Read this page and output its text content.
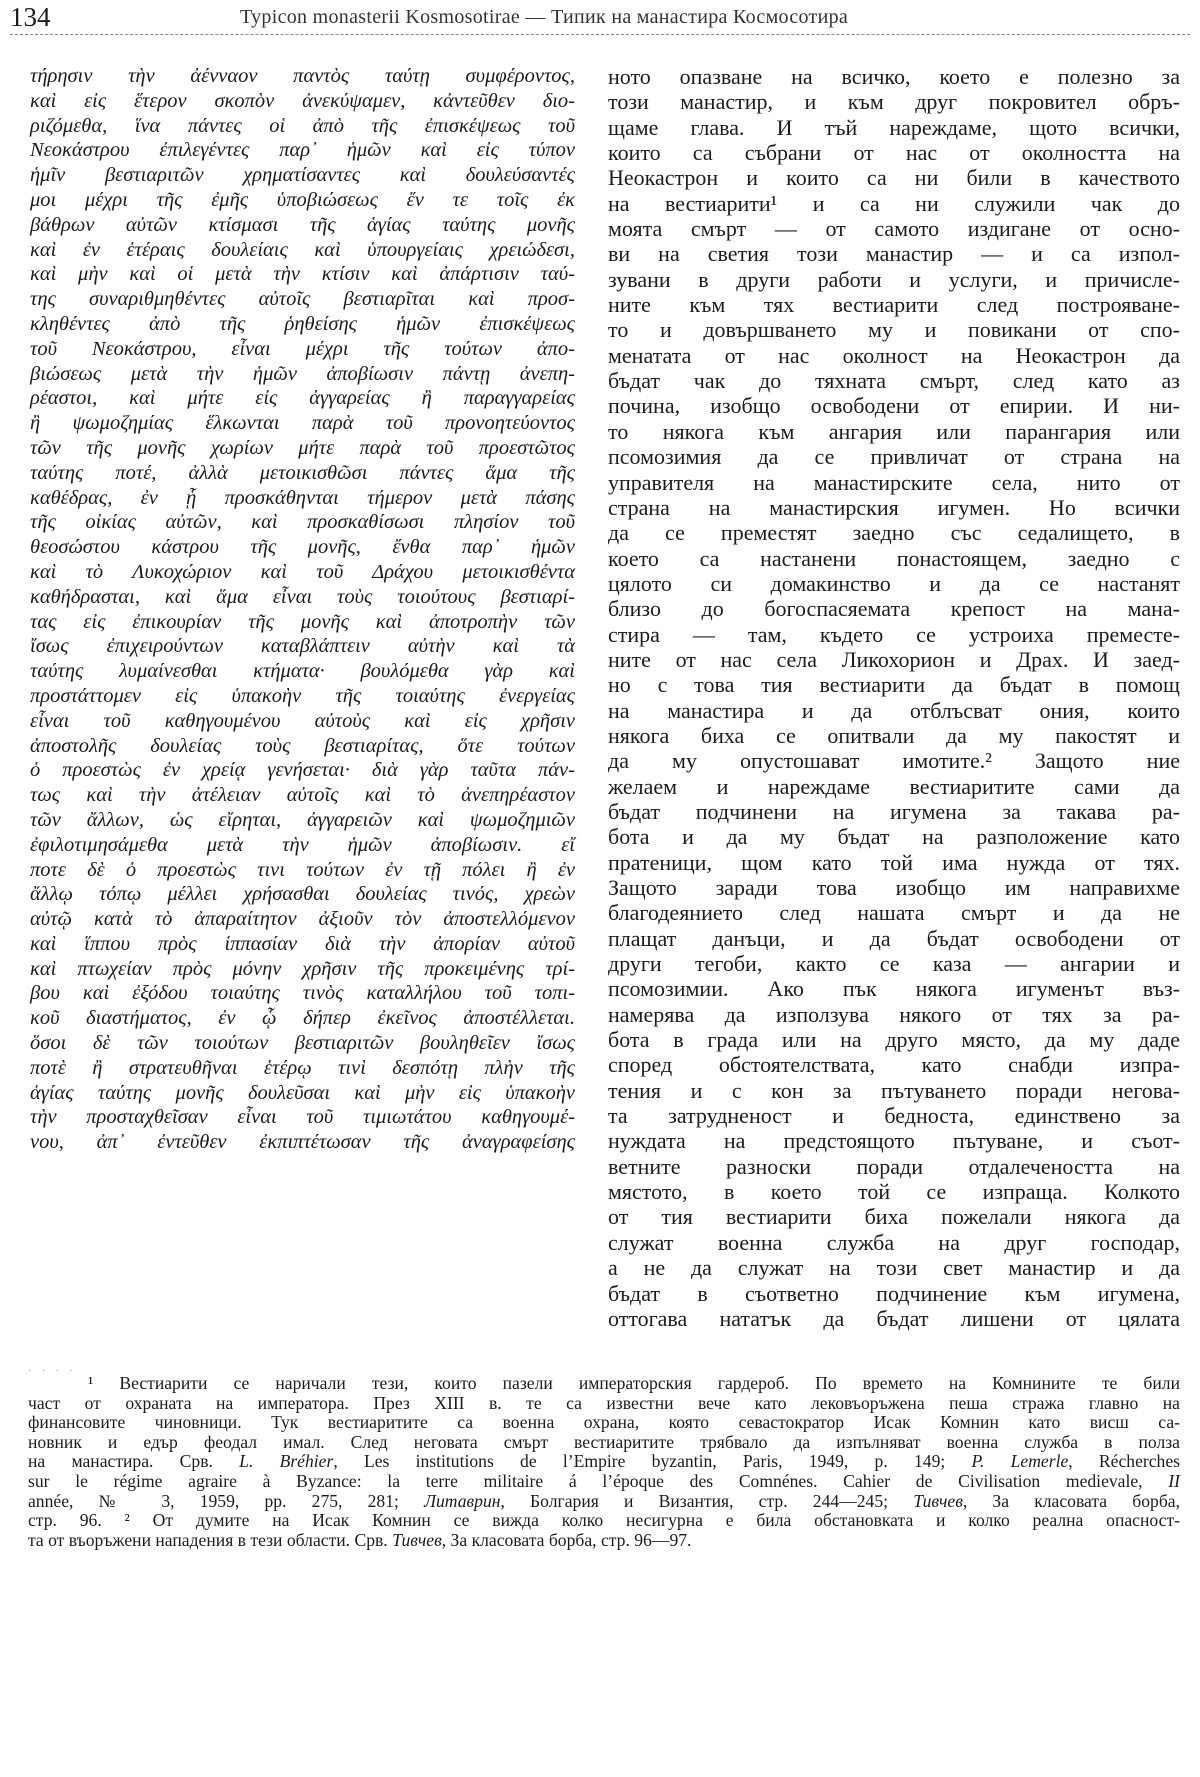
134	Typicon monasterii Kosmosotirae — Типик на манастира Космосотира
τήρησιν τὴν ἀένναον παντὸς ταύτῃ συμφέροντος,
καὶ εἰς ἕτερον σκοπὸν ἀνεκύψαμεν, κἀντεῦθεν διο-
ριζόμεθα, ἵνα πάντες οἱ ἀπὸ τῆς ἐπισκέψεως τοῦ
Νεοκάστρου ἐπιλεγέντες παρ᾽ ἡμῶν καὶ εἰς τύπον
ἡμῖν βεστιαριτῶν χρηματίσαντες καὶ δουλεύσαντές
μοι μέχρι τῆς ἐμῆς ὑποβιώσεως ἔν τε τοῖς ἐκ
βάθρων αὐτῶν κτίσμασι τῆς ἁγίας ταύτης μονῆς
καὶ ἐν ἑτέραις δουλείαις καὶ ὑπουργείαις χρειώδεσι,
καὶ μὴν καὶ οἱ μετὰ τὴν κτίσιν καὶ ἀπάρτισιν ταύ-
της συναριθμηθέντες αὐτοῖς βεστιαρῖται καὶ προσ-
κληθέντες ἀπὸ τῆς ῥηθείσης ἡμῶν ἐπισκέψεως
τοῦ Νεοκάστρου, εἶναι μέχρι τῆς τούτων ἀπο-
βιώσεως μετὰ τὴν ἡμῶν ἀποβίωσιν πάντῃ ἀνεπη-
ρέαστοι, καὶ μήτε εἰς ἀγγαρείας ἢ παραγγαρείας
ἢ ψωμοζημίας ἕλκωνται παρὰ τοῦ προνοητεύοντος
τῶν τῆς μονῆς χωρίων μήτε παρὰ τοῦ προεστῶτος
ταύτης ποτέ, ἀλλὰ μετοικισθῶσι πάντες ἅμα τῆς
καθέδρας, ἐν ᾗ προσκάθηνται τήμερον μετὰ πάσης
τῆς οἰκίας αὐτῶν, καὶ προσκαθίσωσι πλησίον τοῦ
θεοσώστου κάστρου τῆς μονῆς, ἔνθα παρ᾽ ἡμῶν
καὶ τὸ Λυκοχώριον καὶ τοῦ Δράχου μετοικισθέντα
καθήδρασται, καὶ ἅμα εἶναι τοὺς τοιούτους βεστιαρί-
τας εἰς ἐπικουρίαν τῆς μονῆς καὶ ἀποτροπὴν τῶν
ἴσως ἐπιχειρούντων καταβλάπτειν αὐτὴν καὶ τὰ
ταύτης λυμαίνεσθαι κτήματα· βουλόμεθα γὰρ καὶ
προστάττομεν εἰς ὑπακοὴν τῆς τοιαύτης ἐνεργείας
εἶναι τοῦ καθηγουμένου αὐτοὺς καὶ εἰς χρῆσιν
ἀποστολῆς δουλείας τοὺς βεστιαρίτας, ὅτε τούτων
ὁ προεστὼς ἐν χρείᾳ γενήσεται· διὰ γὰρ ταῦτα πάν-
τως καὶ τὴν ἀτέλειαν αὐτοῖς καὶ τὸ ἀνεπηρέαστον
τῶν ἄλλων, ὡς εἴρηται, ἀγγαρειῶν καὶ ψωμοζημιῶν
ἐφιλοτιμησάμεθα μετὰ τὴν ἡμῶν ἀποβίωσιν. εἴ
ποτε δὲ ὁ προεστὼς τινι τούτων ἐν τῇ πόλει ἢ ἐν
ἄλλῳ τόπῳ μέλλει χρήσασθαι δουλείας τινός, χρεὼν
αὐτῷ κατὰ τὸ ἀπαραίτητον ἀξιοῦν τὸν ἀποστελλόμενον
καὶ ἵππου πρὸς ἱππασίαν διὰ τὴν ἀπορίαν αὐτοῦ
καὶ πτωχείαν πρὸς μόνην χρῆσιν τῆς προκειμένης τρί-
βου καὶ ἐξόδου τοιαύτης τινὸς καταλλήλου τοῦ τοπι-
κοῦ διαστήματος, ἐν ᾧ δήπερ ἐκεῖνος ἀποστέλλεται.
ὅσοι δὲ τῶν τοιούτων βεστιαριτῶν βουληθεῖεν ἴσως
ποτὲ ἢ στρατευθῆναι ἑτέρῳ τινὶ δεσπότῃ πλὴν τῆς
ἁγίας ταύτης μονῆς δουλεῦσαι καὶ μὴν εἰς ὑπακοὴν
τὴν προσταχθεῖσαν εἶναι τοῦ τιμιωτάτου καθηγουμέ-
νου, ἀπ᾽ ἐντεῦθεν ἐκπιπτέτωσαν τῆς ἀναγραφείσης
ното опазване на всичко, което е полезно за
този манастир, и към друг покровител обръ-
щаме глава. И тъй нареждаме, щото всички,
които са събрани от нас от околността на
Неокастрон и които са ни били в качеството
на вестиарити¹ и са ни служили чак до
моята смърт — от самото издигане от осно-
ви на светия този манастир — и са изпол-
зувани в други работи и услуги, и причисле-
ните към тях вестиарити след построяване-
то и довършването му и повикани от спо-
менатата от нас околност на Неокастрон да
бъдат чак до тяхната смърт, след като аз
почина, изобщо освободени от епирии. И ни-
то някога към ангария или парангария или
псомозимия да се привличат от страна на
управителя на манастирските села, нито от
страна на манастирския игумен. Но всички
да се преместят заедно със седалището, в
което са настанени понастоящем, заедно с
цялото си домакинство и да се настанят
близо до богоспасяемата крепост на мана-
стира — там, където се устроиха преместе-
ните от нас села Ликохорион и Драх. И заед-
но с това тия вестиарити да бъдат в помощ
на манастира и да отблъсват ония, които
някога биха се опитвали да му пакостят и
да му опустошават имотите.² Защото ние
желаем и нареждаме вестиаритите сами да
бъдат подчинени на игумена за такава ра-
бота и да му бъдат на разположение като
пратеници, щом като той има нужда от тях.
Защото заради това изобщо им направихме
благодеянието след нашата смърт и да не
плащат данъци, и да бъдат освободени от
други тегоби, както се каза — ангарии и
псомозимии. Ако пък някога игуменът въз-
намерява да използува някого от тях за ра-
бота в града или на друго място, да му даде
според обстоятелствата, като снабди изпра-
тения и с кон за пътуването поради негова-
та затрудненост и бедноста, единствено за
нуждата на предстоящото пътуване, и съот-
ветните разноски поради отдалечеността на
мястото, в което той се изпраща. Колкото
от тия вестиарити биха пожелали някога да
служат военна служба на друг господар,
а не да служат на този свет манастир и да
бъдат в съответно подчинение към игумена,
оттогава нататък да бъдат лишени от цялата
· · · ·
¹ Вестиарити се наричали тези, които пазели императорския гардероб. По времето на Комнините те били
част от охраната на императора. През XIII в. те са известни вече като лековъоръжена пеша стража главно на
финансовите чиновници. Тук вестиаритите са военна охрана, която севастократор Исак Комнин като висш са-
новник и едър феодал имал. След неговата смърт вестиаритите трябвало да изпълняват военна служба в полза
на манастира. Срв. L. Bréhier, Les institutions de l’Empire byzantin, Paris, 1949, p. 149; P. Lemerle, Récherches
sur le régime agraire à Byzance: la terre militaire á l’époque des Comnénes. Cahier de Civilisation medievale, II
année, № 3, 1959, pp. 275, 281; Литаврин, Болгария и Византия, стр. 244—245; Тивчев, За класовата борба,
стр. 96. ² От думите на Исак Комнин се вижда колко несигурна е била обстановката и колко реална опасност-
та от въоръжени нападения в тези области. Срв. Тивчев, За класовата борба, стр. 96—97.
